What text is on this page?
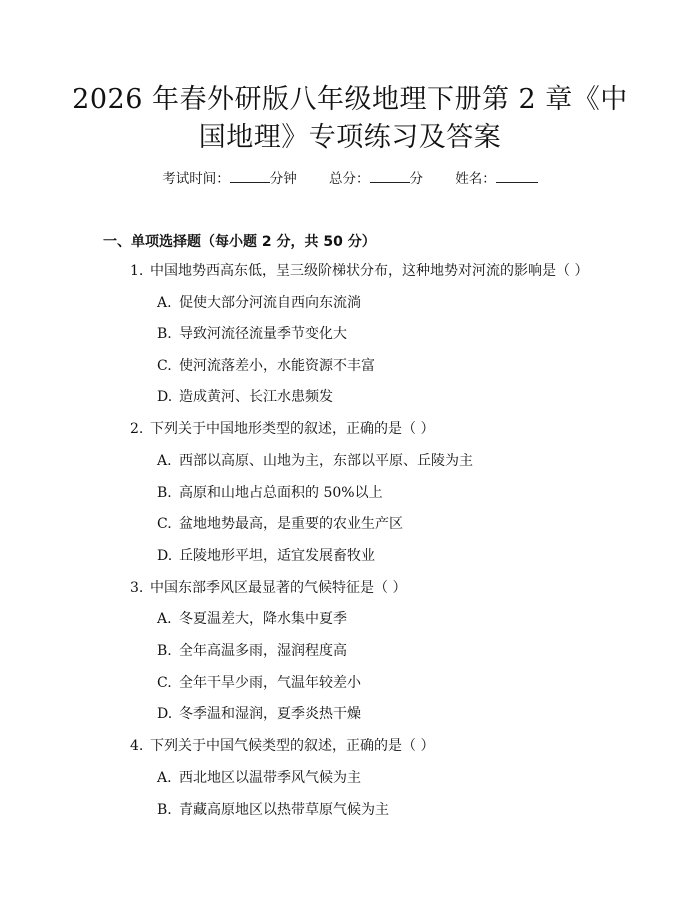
2026 年春外研版八年级地理下册第 2 章《中
国地理》专项练习及答案
考试时间：	分钟 总分：	分 姓名：
一、单项选择题（每小题 2 分，共 50 分）
1. 中国地势西高东低，呈三级阶梯状分布，这种地势对河流的影响是（ ）
A. 促使大部分河流自西向东流淌
B. 导致河流径流量季节变化大
C. 使河流落差小，水能资源不丰富
D. 造成黄河、长江水患频发
2. 下列关于中国地形类型的叙述，正确的是（ ）
A. 西部以高原、山地为主，东部以平原、丘陵为主
B. 高原和山地占总面积的 50%以上
C. 盆地地势最高，是重要的农业生产区
D. 丘陵地形平坦，适宜发展畜牧业
3. 中国东部季风区最显著的气候特征是（ ）
A. 冬夏温差大，降水集中夏季
B. 全年高温多雨，湿润程度高
C. 全年干旱少雨，气温年较差小
D. 冬季温和湿润，夏季炎热干燥
4. 下列关于中国气候类型的叙述，正确的是（ ）
A. 西北地区以温带季风气候为主
B. 青藏高原地区以热带草原气候为主
